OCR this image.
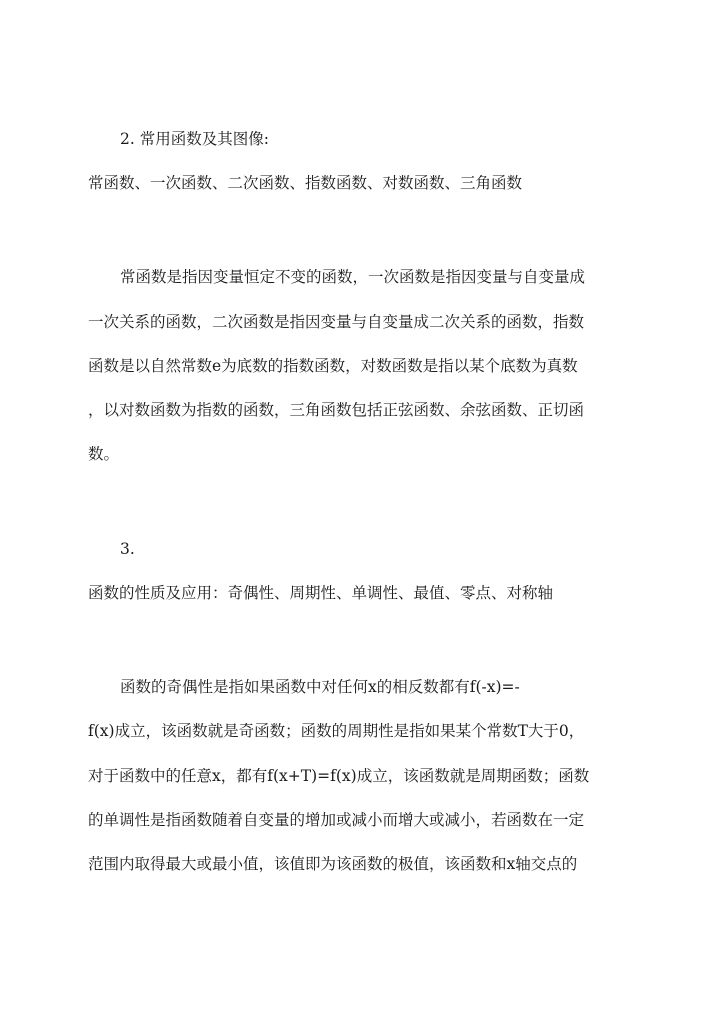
2. 常用函数及其图像:
常函数、一次函数、二次函数、指数函数、对数函数、三角函数
常函数是指因变量恒定不变的函数，一次函数是指因变量与自变量成
一次关系的函数，二次函数是指因变量与自变量成二次关系的函数，指数
函数是以自然常数e为底数的指数函数，对数函数是指以某个底数为真数
，以对数函数为指数的函数，三角函数包括正弦函数、余弦函数、正切函
数。
3.
函数的性质及应用：奇偶性、周期性、单调性、最值、零点、对称轴
函数的奇偶性是指如果函数中对任何x的相反数都有f(-x)=-
f(x)成立，该函数就是奇函数；函数的周期性是指如果某个常数T大于0，
对于函数中的任意x，都有f(x+T)=f(x)成立，该函数就是周期函数；函数
的单调性是指函数随着自变量的增加或减小而增大或减小，若函数在一定
范围内取得最大或最小值，该值即为该函数的极值，该函数和x轴交点的
